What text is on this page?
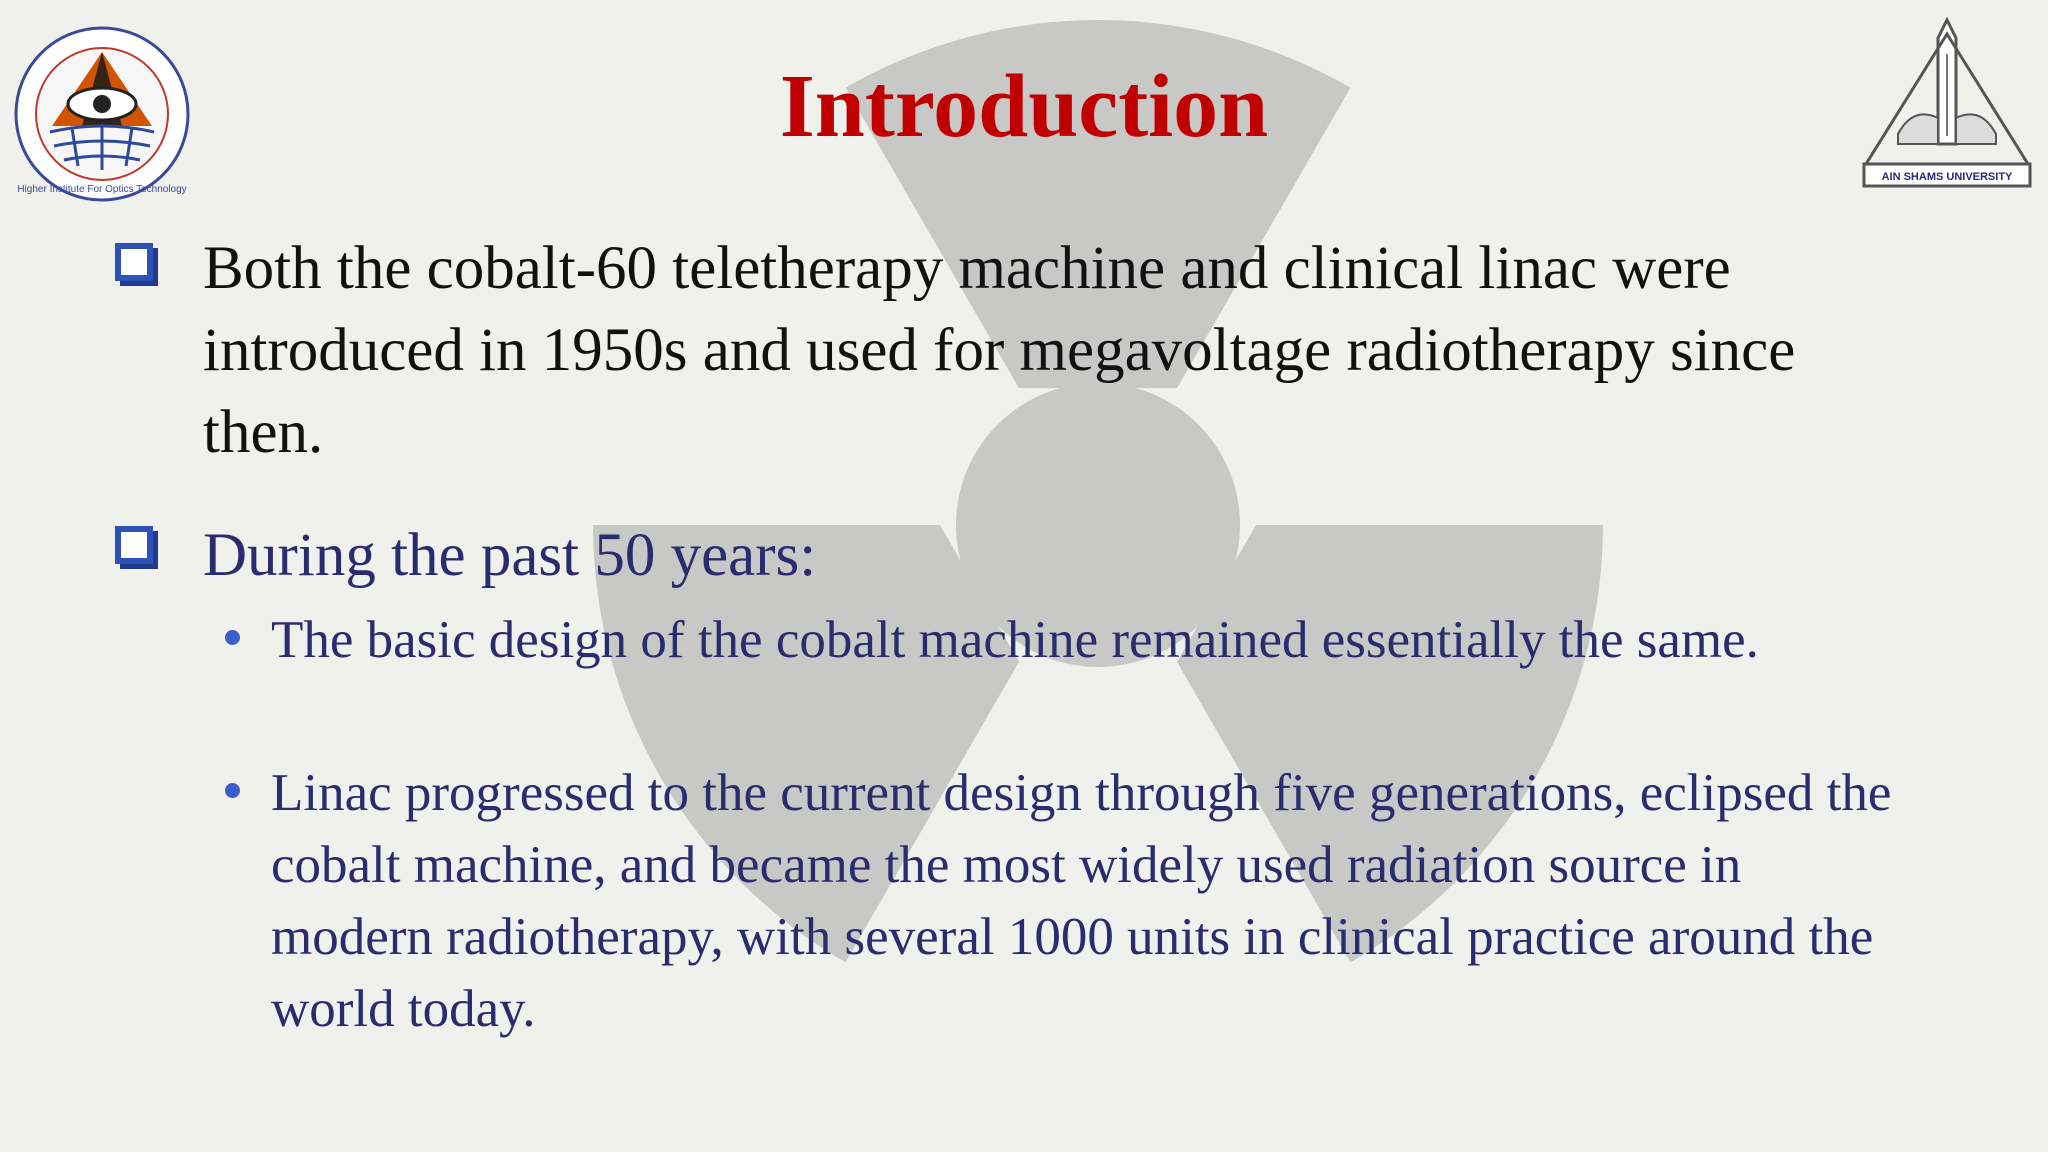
Higher Institute For Optics Technology
AIN SHAMS UNIVERSITY
Introduction

Both the cobalt-60 teletherapy machine and clinical linac were introduced in 1950s and used for megavoltage radiotherapy since then.

During the past 50 years:

The basic design of the cobalt machine remained essentially the same.

Linac progressed to the current design through five generations, eclipsed the cobalt machine, and became the most widely used radiation source in modern radiotherapy, with several 1000 units in clinical practice around the world today.
